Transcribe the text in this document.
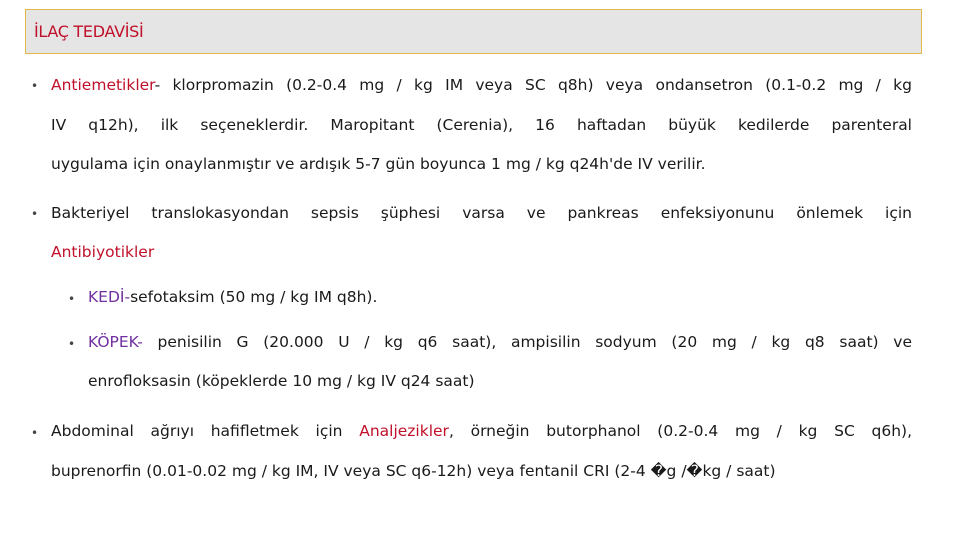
İLAÇ TEDAVİSİ
• Antiemetikler- klorpromazin (0.2-0.4 mg / kg IM veya SC q8h) veya ondansetron (0.1-0.2 mg / kg
IV q12h), ilk seçeneklerdir. Maropitant (Cerenia), 16 haftadan büyük kedilerde parenteral
uygulama için onaylanmıştır ve ardışık 5-7 gün boyunca 1 mg / kg q24h'de IV verilir.
• Bakteriyel translokasyondan sepsis şüphesi varsa ve pankreas enfeksiyonunu önlemek için
Antibiyotikler
• KEDİ-sefotaksim (50 mg / kg IM q8h).
• KÖPEK- penisilin G (20.000 U / kg q6 saat), ampisilin sodyum (20 mg / kg q8 saat) ve
enrofloksasin (köpeklerde 10 mg / kg IV q24 saat)
• Abdominal ağrıyı hafifletmek için Analjezikler, örneğin butorphanol (0.2-0.4 mg / kg SC q6h),
buprenorfin (0.01-0.02 mg / kg IM, IV veya SC q6-12h) veya fentanil CRI (2-4 �g /�kg / saat)
